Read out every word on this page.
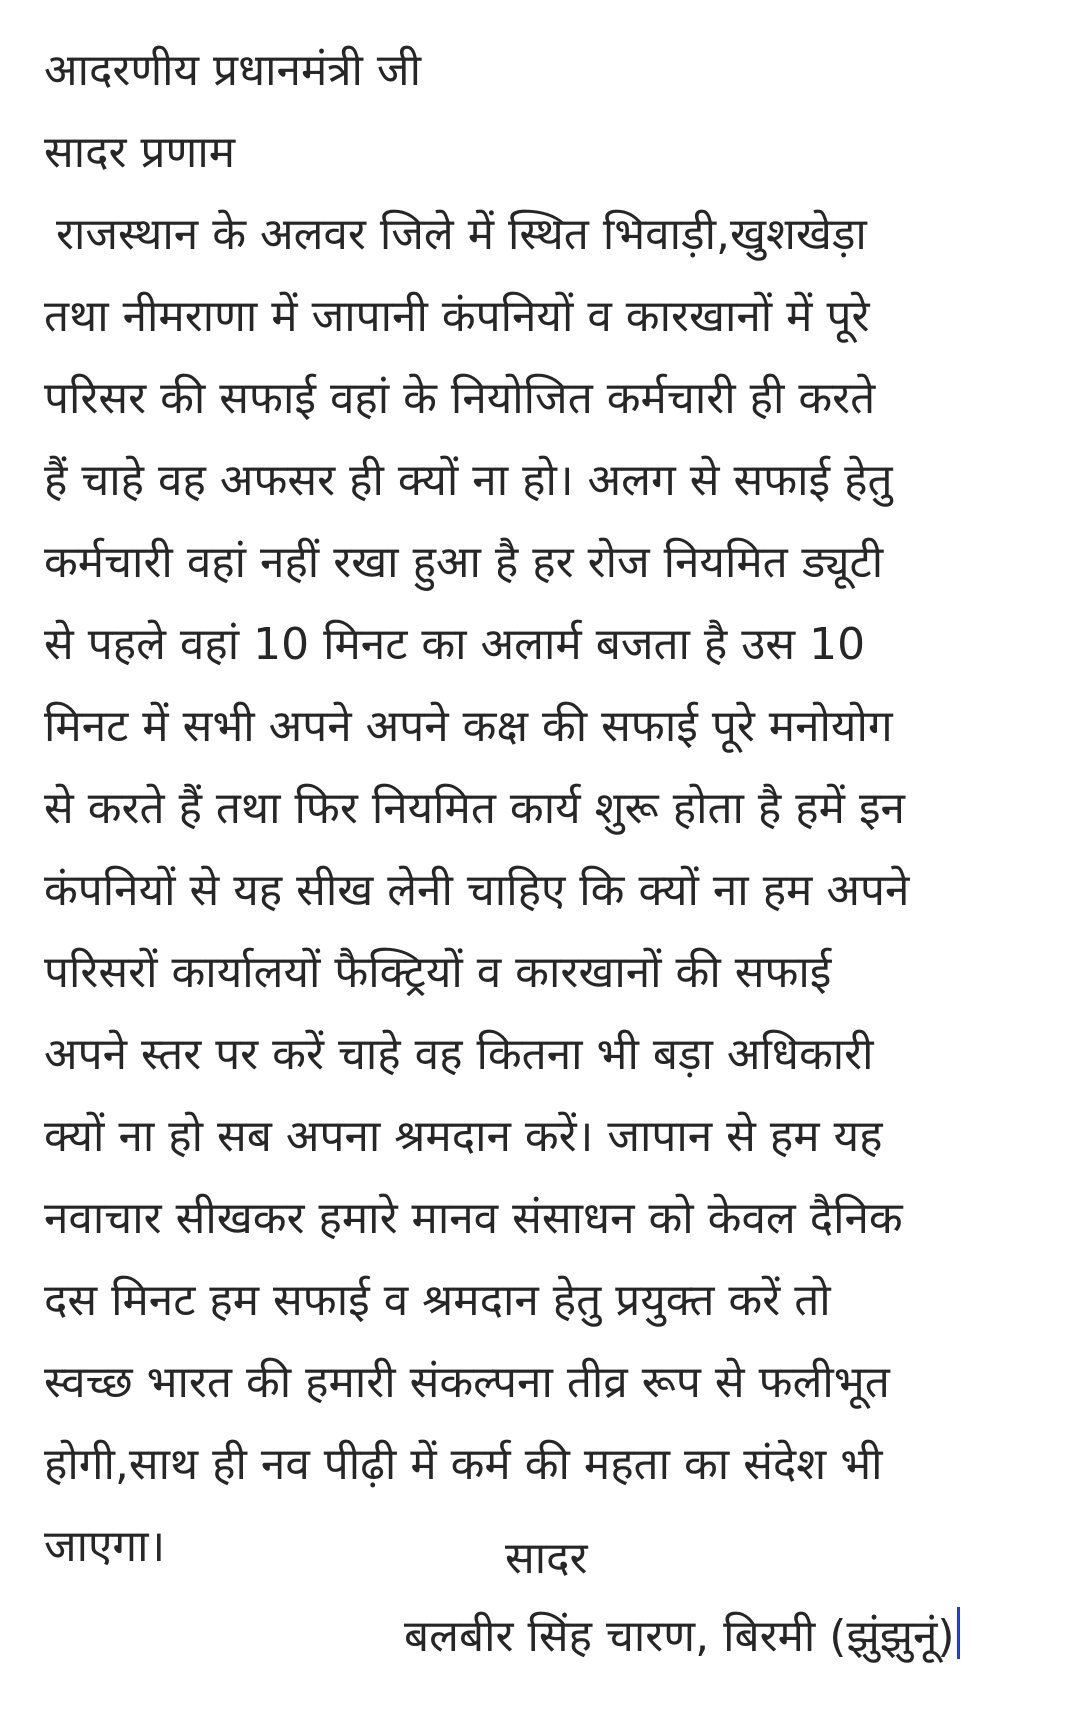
आदरणीय प्रधानमंत्री जी
सादर प्रणाम
राजस्थान के अलवर जिले में स्थित भिवाड़ी,खुशखेड़ा
तथा नीमराणा में जापानी कंपनियों व कारखानों में पूरे
परिसर की सफाई वहां के नियोजित कर्मचारी ही करते
हैं चाहे वह अफसर ही क्यों ना हो। अलग से सफाई हेतु
कर्मचारी वहां नहीं रखा हुआ है हर रोज नियमित ड्यूटी
से पहले वहां 10 मिनट का अलार्म बजता है उस 10
मिनट में सभी अपने अपने कक्ष की सफाई पूरे मनोयोग
से करते हैं तथा फिर नियमित कार्य शुरू होता है हमें इन
कंपनियों से यह सीख लेनी चाहिए कि क्यों ना हम अपने
परिसरों कार्यालयों फैक्ट्रियों व कारखानों की सफाई
अपने स्तर पर करें चाहे वह कितना भी बड़ा अधिकारी
क्यों ना हो सब अपना श्रमदान करें। जापान से हम यह
नवाचार सीखकर हमारे मानव संसाधन को केवल दैनिक
दस मिनट हम सफाई व श्रमदान हेतु प्रयुक्त करें तो
स्वच्छ भारत की हमारी संकल्पना तीव्र रूप से फलीभूत
होगी,साथ ही नव पीढ़ी में कर्म की महता का संदेश भी
जाएगा।	सादर
बलबीर सिंह चारण, बिरमी (झुंझुनूं)
